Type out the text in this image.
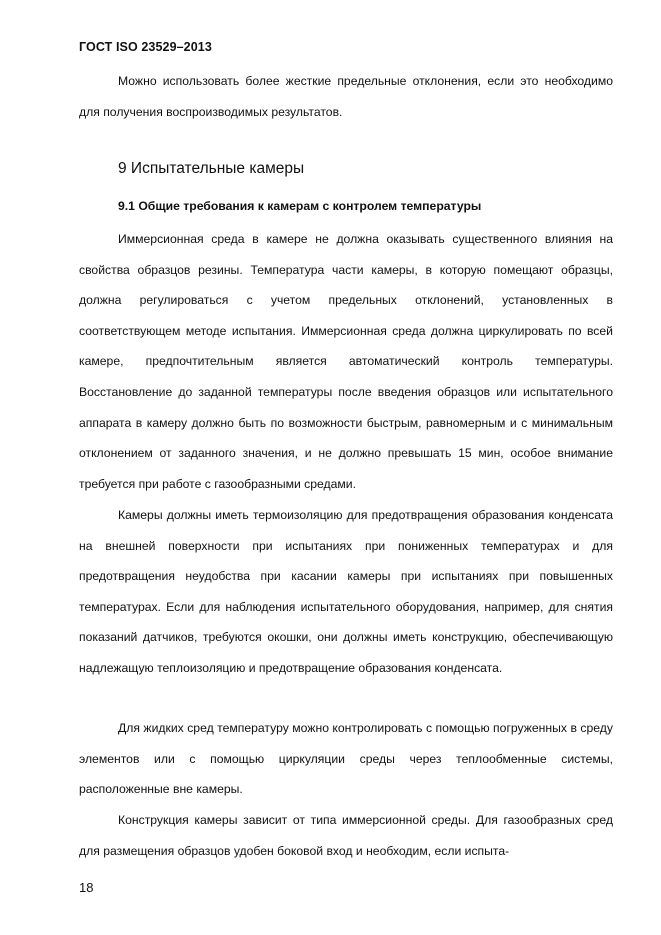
ГОСТ ISO 23529–2013

Можно использовать более жесткие предельные отклонения, если это необходимо для получения воспроизводимых результатов.

9 Испытательные камеры
9.1 Общие требования к камерам с контролем температуры

Иммерсионная среда в камере не должна оказывать существенного влияния на свойства образцов резины. Температура части камеры, в которую помещают образцы, должна регулироваться с учетом предельных отклонений, установленных в соответствующем методе испытания. Иммерсионная среда должна циркулировать по всей камере, предпочтительным является автоматический контроль температуры. Восстановление до заданной температуры после введения образцов или испытательного аппарата в камеру должно быть по возможности быстрым, равномерным и с минимальным отклонением от заданного значения, и не должно превышать 15 мин, особое внимание требуется при работе с газообразными средами.

Камеры должны иметь термоизоляцию для предотвращения образования конденсата на внешней поверхности при испытаниях при пониженных температурах и для предотвращения неудобства при касании камеры при испытаниях при повышенных температурах. Если для наблюдения испытательного оборудования, например, для снятия показаний датчиков, требуются окошки, они должны иметь конструкцию, обеспечивающую надлежащую теплоизоляцию и предотвращение образования конденсата.

Для жидких сред температуру можно контролировать с помощью погруженных в среду элементов или с помощью циркуляции среды через теплообменные системы, расположенные вне камеры.

Конструкция камеры зависит от типа иммерсионной среды. Для газообразных сред для размещения образцов удобен боковой вход и необходим, если испыта-

18
